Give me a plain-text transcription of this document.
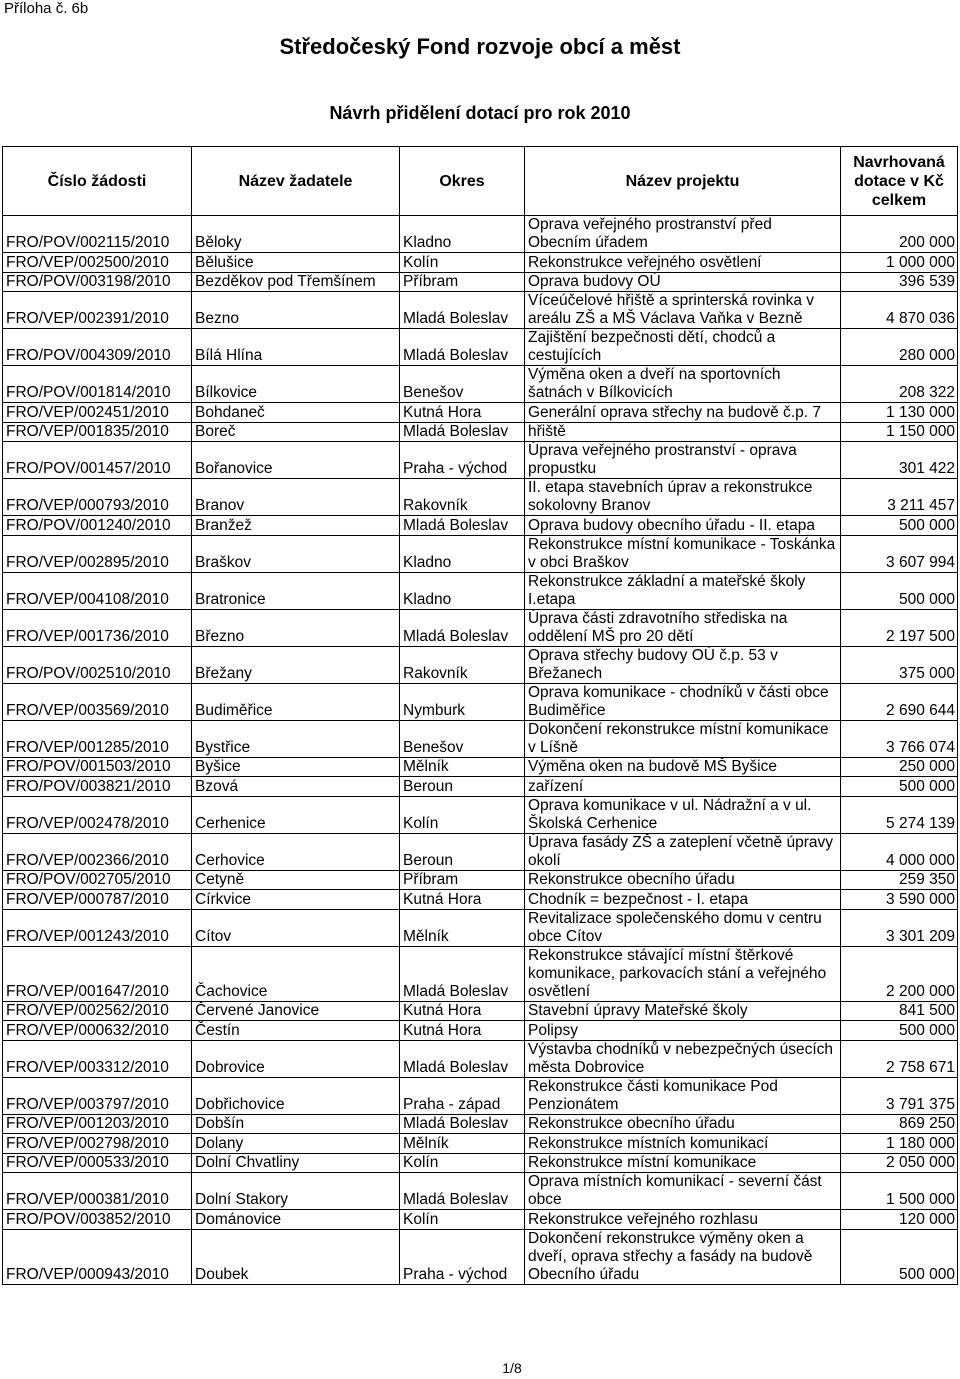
Příloha č. 6b
Středočeský Fond rozvoje obcí a měst
Návrh přidělení dotací pro rok 2010
Číslo žádosti	Název žadatele	Okres	Název projektu	Navrhovaná dotace v Kč celkem
FRO/POV/002115/2010	Běloky	Kladno	Oprava veřejného prostranství před Obecním úřadem	200 000
FRO/VEP/002500/2010	Bělušice	Kolín	Rekonstrukce veřejného osvětlení	1 000 000
FRO/POV/003198/2010	Bezděkov pod Třemšínem	Příbram	Oprava budovy OÚ	396 539
FRO/VEP/002391/2010	Bezno	Mladá Boleslav	Víceúčelové hřiště a sprinterská rovinka v areálu ZŠ a MŠ Václava Vaňka v Bezně	4 870 036
FRO/POV/004309/2010	Bílá Hlína	Mladá Boleslav	Zajištění bezpečnosti dětí, chodců a cestujících	280 000
FRO/POV/001814/2010	Bílkovice	Benešov	Výměna oken a dveří na sportovních šatnách v Bílkovicích	208 322
FRO/VEP/002451/2010	Bohdaneč	Kutná Hora	Generální oprava střechy na budově č.p. 7	1 130 000
FRO/VEP/001835/2010	Boreč	Mladá Boleslav	hřiště	1 150 000
FRO/POV/001457/2010	Bořanovice	Praha - východ	Úprava veřejného prostranství - oprava propustku	301 422
FRO/VEP/000793/2010	Branov	Rakovník	II. etapa stavebních úprav a rekonstrukce sokolovny Branov	3 211 457
FRO/POV/001240/2010	Branžež	Mladá Boleslav	Oprava budovy obecního úřadu - II. etapa	500 000
FRO/VEP/002895/2010	Braškov	Kladno	Rekonstrukce místní komunikace - Toskánka v obci Braškov	3 607 994
FRO/VEP/004108/2010	Bratronice	Kladno	Rekonstrukce základní a mateřské školy I.etapa	500 000
FRO/VEP/001736/2010	Březno	Mladá Boleslav	Úprava části zdravotního střediska na oddělení MŠ pro 20 dětí	2 197 500
FRO/POV/002510/2010	Břežany	Rakovník	Oprava střechy budovy OÚ č.p. 53 v Břežanech	375 000
FRO/VEP/003569/2010	Budiměřice	Nymburk	Oprava komunikace - chodníků v části obce Budiměřice	2 690 644
FRO/VEP/001285/2010	Bystřice	Benešov	Dokončení rekonstrukce místní komunikace v Líšně	3 766 074
FRO/POV/001503/2010	Byšice	Mělník	Výměna oken na budově MŠ Byšice	250 000
FRO/POV/003821/2010	Bzová	Beroun	zařízení	500 000
FRO/VEP/002478/2010	Cerhenice	Kolín	Oprava komunikace v ul. Nádražní a v ul. Školská Cerhenice	5 274 139
FRO/VEP/002366/2010	Cerhovice	Beroun	Úprava fasády ZŠ a zateplení včetně úpravy okolí	4 000 000
FRO/POV/002705/2010	Cetyně	Příbram	Rekonstrukce obecního úřadu	259 350
FRO/VEP/000787/2010	Církvice	Kutná Hora	Chodník = bezpečnost - I. etapa	3 590 000
FRO/VEP/001243/2010	Cítov	Mělník	Revitalizace společenského domu v centru obce Cítov	3 301 209
FRO/VEP/001647/2010	Čachovice	Mladá Boleslav	Rekonstrukce stávající místní štěrkové komunikace, parkovacích stání a veřejného osvětlení	2 200 000
FRO/VEP/002562/2010	Červené Janovice	Kutná Hora	Stavební úpravy Mateřské školy	841 500
FRO/VEP/000632/2010	Čestín	Kutná Hora	Polipsy	500 000
FRO/VEP/003312/2010	Dobrovice	Mladá Boleslav	Výstavba chodníků v nebezpečných úsecích města Dobrovice	2 758 671
FRO/VEP/003797/2010	Dobřichovice	Praha - západ	Rekonstrukce části komunikace Pod Penzionátem	3 791 375
FRO/VEP/001203/2010	Dobšín	Mladá Boleslav	Rekonstrukce obecního úřadu	869 250
FRO/VEP/002798/2010	Dolany	Mělník	Rekonstrukce místních komunikací	1 180 000
FRO/VEP/000533/2010	Dolní Chvatliny	Kolín	Rekonstrukce místní komunikace	2 050 000
FRO/VEP/000381/2010	Dolní Stakory	Mladá Boleslav	Oprava místních komunikací - severní část obce	1 500 000
FRO/POV/003852/2010	Dománovice	Kolín	Rekonstrukce veřejného rozhlasu	120 000
FRO/VEP/000943/2010	Doubek	Praha - východ	Dokončení rekonstrukce výměny oken a dveří, oprava střechy a fasády na budově Obecního úřadu	500 000
1/8
